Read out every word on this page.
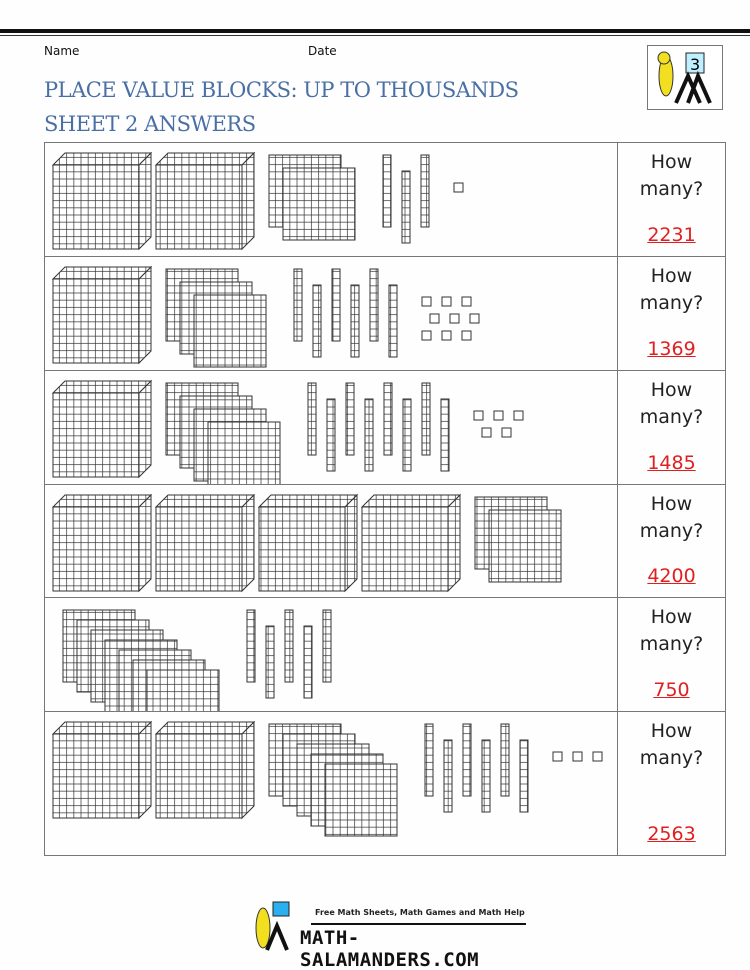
Name	Date
PLACE VALUE BLOCKS: UP TO THOUSANDS
SHEET 2 ANSWERS
3

How
many?
2231

How
many?
1369

How
many?
1485

How
many?
4200

How
many?
750

How
many?
2563
Free Math Sheets, Math Games and Math Help
MATH-SALAMANDERS.COM
